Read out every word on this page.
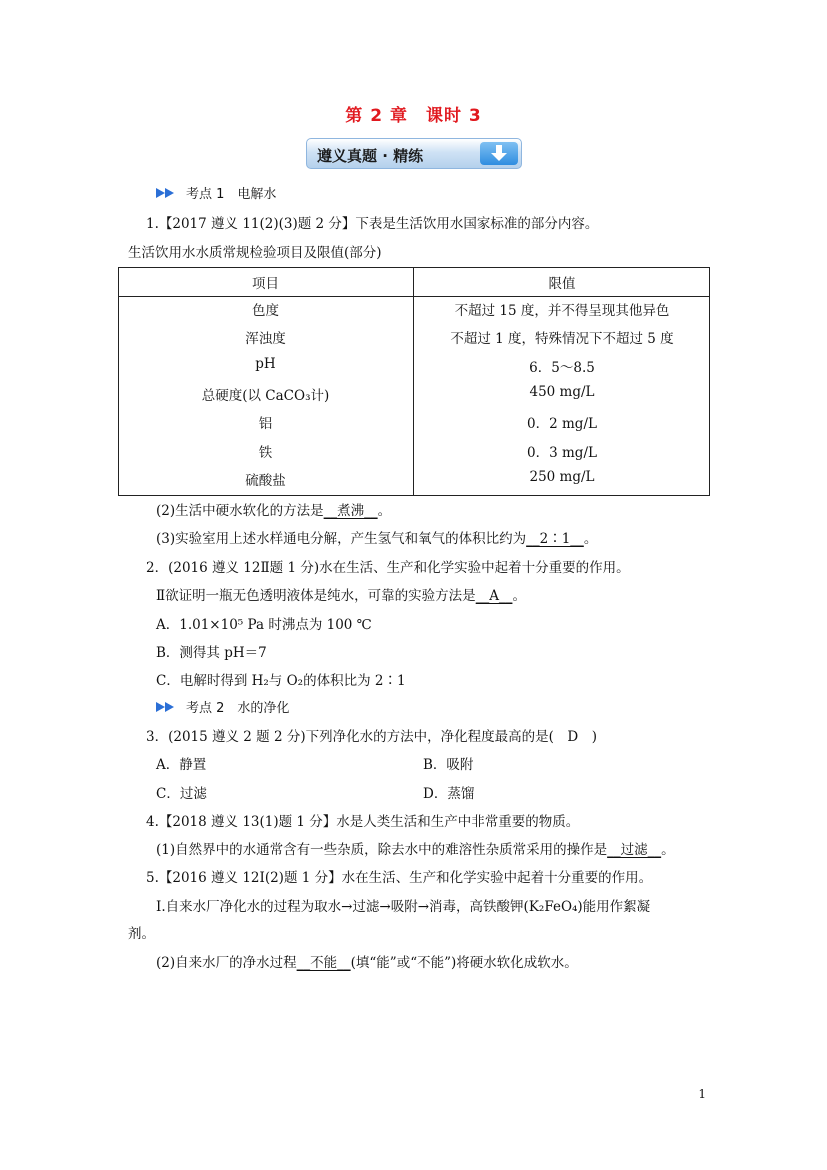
第 2 章　课时 3
遵义真题 · 精练
考点 1　电解水
1.【2017 遵义 11(2)(3)题 2 分】下表是生活饮用水国家标准的部分内容。
生活饮用水水质常规检验项目及限值(部分)
项目	限值
色度	不超过 15 度，并不得呈现其他异色
浑浊度	不超过 1 度，特殊情况下不超过 5 度
pH	6．5～8.5
总硬度(以 CaCO₃计)	450 mg/L
铝	0．2 mg/L
铁	0．3 mg/L
硫酸盐	250 mg/L
(2)生活中硬水软化的方法是__煮沸__。
(3)实验室用上述水样通电分解，产生氢气和氧气的体积比约为__2∶1__。
2．(2016 遵义 12Ⅱ题 1 分)水在生活、生产和化学实验中起着十分重要的作用。
Ⅱ欲证明一瓶无色透明液体是纯水，可靠的实验方法是__A__。
A．1.01×10⁵ Pa 时沸点为 100 ℃
B．测得其 pH＝7
C．电解时得到 H₂与 O₂的体积比为 2∶1
考点 2　水的净化
3．(2015 遵义 2 题 2 分)下列净化水的方法中，净化程度最高的是(　D　)
A．静置	B．吸附
C．过滤	D．蒸馏
4.【2018 遵义 13(1)题 1 分】水是人类生活和生产中非常重要的物质。
(1)自然界中的水通常含有一些杂质，除去水中的难溶性杂质常采用的操作是__过滤__。
5.【2016 遵义 12Ⅰ(2)题 1 分】水在生活、生产和化学实验中起着十分重要的作用。
Ⅰ.自来水厂净化水的过程为取水→过滤→吸附→消毒，高铁酸钾(K₂FeO₄)能用作絮凝
剂。
(2)自来水厂的净水过程__不能__(填“能”或“不能”)将硬水软化成软水。
1
